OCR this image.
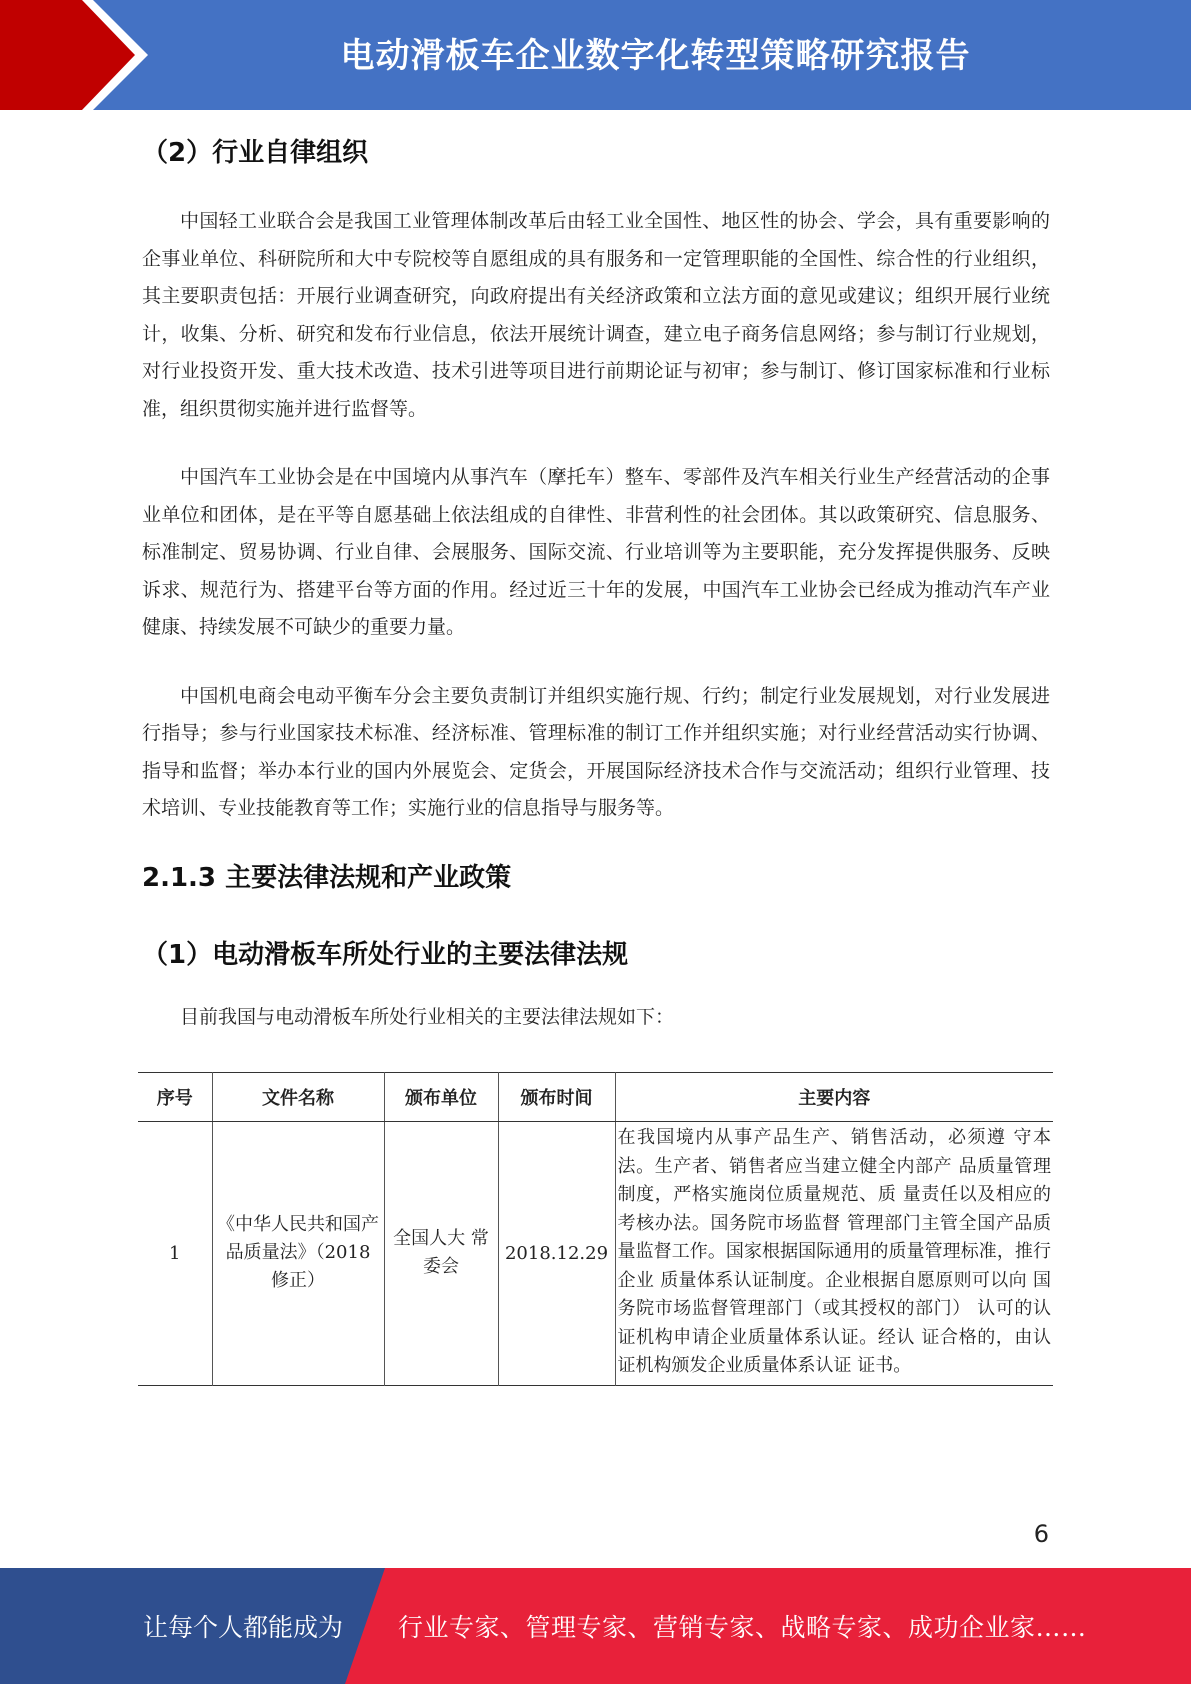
电动滑板车企业数字化转型策略研究报告
（2）行业自律组织

中国轻工业联合会是我国工业管理体制改革后由轻工业全国性、地区性的协会、学会，具有重要影响的企事业单位、科研院所和大中专院校等自愿组成的具有服务和一定管理职能的全国性、综合性的行业组织，其主要职责包括：开展行业调查研究，向政府提出有关经济政策和立法方面的意见或建议；组织开展行业统计，收集、分析、研究和发布行业信息，依法开展统计调查，建立电子商务信息网络；参与制订行业规划，对行业投资开发、重大技术改造、技术引进等项目进行前期论证与初审；参与制订、修订国家标准和行业标准，组织贯彻实施并进行监督等。

中国汽车工业协会是在中国境内从事汽车（摩托车）整车、零部件及汽车相关行业生产经营活动的企事业单位和团体，是在平等自愿基础上依法组成的自律性、非营利性的社会团体。其以政策研究、信息服务、标准制定、贸易协调、行业自律、会展服务、国际交流、行业培训等为主要职能，充分发挥提供服务、反映诉求、规范行为、搭建平台等方面的作用。经过近三十年的发展，中国汽车工业协会已经成为推动汽车产业健康、持续发展不可缺少的重要力量。

中国机电商会电动平衡车分会主要负责制订并组织实施行规、行约；制定行业发展规划，对行业发展进行指导；参与行业国家技术标准、经济标准、管理标准的制订工作并组织实施；对行业经营活动实行协调、指导和监督；举办本行业的国内外展览会、定货会，开展国际经济技术合作与交流活动；组织行业管理、技术培训、专业技能教育等工作；实施行业的信息指导与服务等。

2.1.3 主要法律法规和产业政策
（1）电动滑板车所处行业的主要法律法规

目前我国与电动滑板车所处行业相关的主要法律法规如下：

序号	文件名称	颁布单位	颁布时间	主要内容
1	《中华人民共和国产品质量法》（2018 修正）	全国人大 常委会	2018.12.29	在我国境内从事产品生产、销售活动，必须遵 守本法。生产者、销售者应当建立健全内部产 品质量管理制度，严格实施岗位质量规范、质 量责任以及相应的考核办法。国务院市场监督 管理部门主管全国产品质量监督工作。国家根据国际通用的质量管理标准，推行企业 质量体系认证制度。企业根据自愿原则可以向 国务院市场监督管理部门（或其授权的部门） 认可的认证机构申请企业质量体系认证。经认 证合格的，由认证机构颁发企业质量体系认证 证书。
6
让每个人都能成为 行业专家、管理专家、营销专家、战略专家、成功企业家……
